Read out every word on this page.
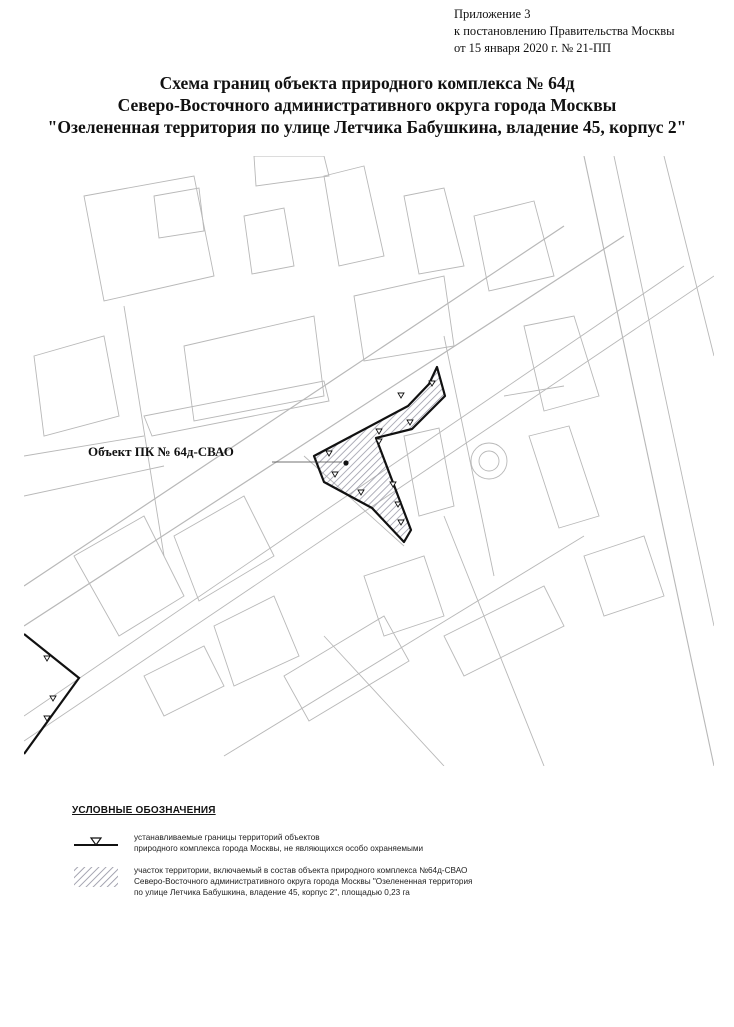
Приложение 3
к постановлению Правительства Москвы
от 15 января 2020 г. № 21-ПП
Схема границ объекта природного комплекса № 64д
Северо-Восточного административного округа города Москвы
"Озелененная территория по улице Летчика Бабушкина, владение 45, корпус 2"
Объект ПК № 64д-СВАО
УСЛОВНЫЕ ОБОЗНАЧЕНИЯ
устанавливаемые границы территорий объектов
природного комплекса города Москвы, не являющихся особо охраняемыми
участок территории, включаемый в состав объекта природного комплекса №64д-СВАО
Северо-Восточного административного округа города Москвы "Озелененная территория
по улице Летчика Бабушкина, владение 45, корпус 2", площадью 0,23 га
